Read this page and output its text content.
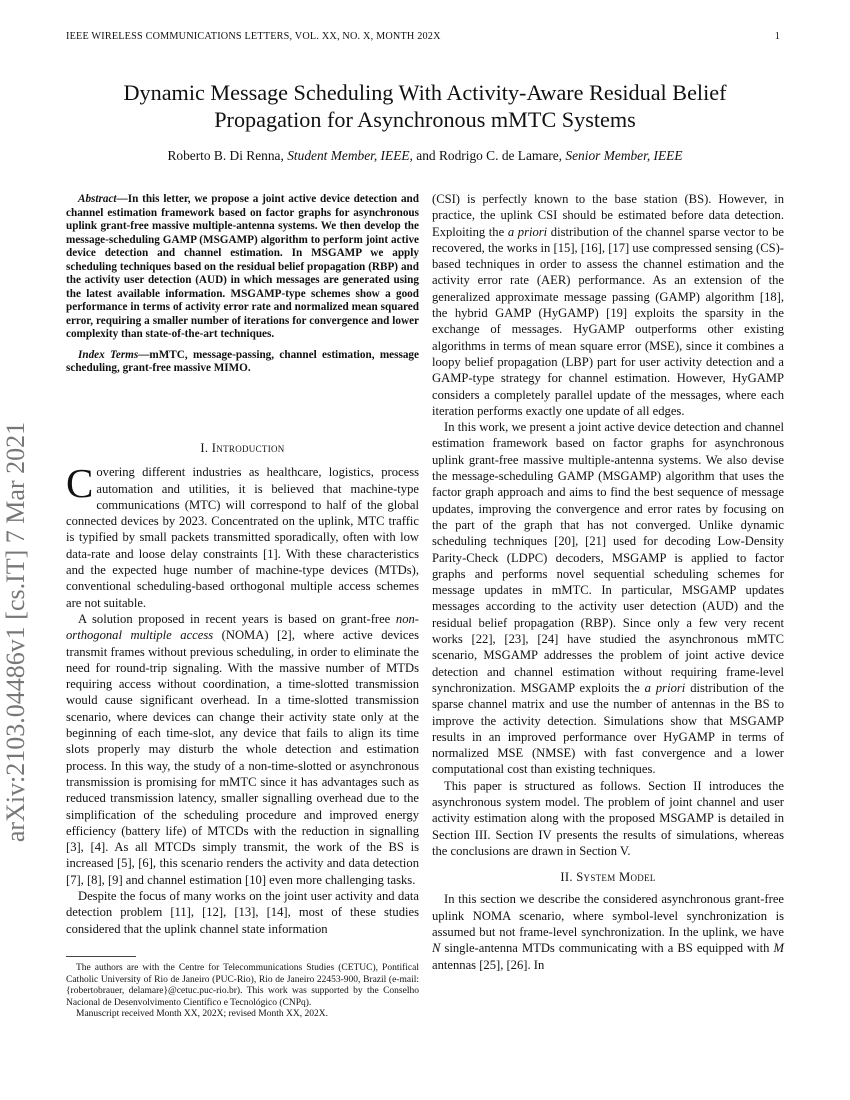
IEEE WIRELESS COMMUNICATIONS LETTERS, VOL. XX, NO. X, MONTH 202X	1
arXiv:2103.04486v1 [cs.IT] 7 Mar 2021
Dynamic Message Scheduling With Activity-Aware Residual Belief Propagation for Asynchronous mMTC Systems
Roberto B. Di Renna, Student Member, IEEE, and Rodrigo C. de Lamare, Senior Member, IEEE

Abstract—In this letter, we propose a joint active device detection and channel estimation framework based on factor graphs for asynchronous uplink grant-free massive multiple-antenna systems. We then develop the message-scheduling GAMP (MSGAMP) algorithm to perform joint active device detection and channel estimation. In MSGAMP we apply scheduling techniques based on the residual belief propagation (RBP) and the activity user detection (AUD) in which messages are generated using the latest available information. MSGAMP-type schemes show a good performance in terms of activity error rate and normalized mean squared error, requiring a smaller number of iterations for convergence and lower complexity than state-of-the-art techniques.

Index Terms—mMTC, message-passing, channel estimation, message scheduling, grant-free massive MIMO.

I. Introduction

Covering different industries as healthcare, logistics, process automation and utilities, it is believed that machine-type communications (MTC) will correspond to half of the global connected devices by 2023. Concentrated on the uplink, MTC traffic is typified by small packets transmitted sporadically, often with low data-rate and loose delay constraints [1]. With these characteristics and the expected huge number of machine-type devices (MTDs), conventional scheduling-based orthogonal multiple access schemes are not suitable.

A solution proposed in recent years is based on grant-free non-orthogonal multiple access (NOMA) [2], where active devices transmit frames without previous scheduling, in order to eliminate the need for round-trip signaling. With the massive number of MTDs requiring access without coordination, a time-slotted transmission would cause significant overhead. In a time-slotted transmission scenario, where devices can change their activity state only at the beginning of each time-slot, any device that fails to align its time slots properly may disturb the whole detection and estimation process. In this way, the study of a non-time-slotted or asynchronous transmission is promising for mMTC since it has advantages such as reduced transmission latency, smaller signalling overhead due to the simplification of the scheduling procedure and improved energy efficiency (battery life) of MTCDs with the reduction in signalling [3], [4]. As all MTCDs simply transmit, the work of the BS is increased [5], [6], this scenario renders the activity and data detection [7], [8], [9] and channel estimation [10] even more challenging tasks.

Despite the focus of many works on the joint user activity and data detection problem [11], [12], [13], [14], most of these studies considered that the uplink channel state information

The authors are with the Centre for Telecommunications Studies (CETUC), Pontifical Catholic University of Rio de Janeiro (PUC-Rio), Rio de Janeiro 22453-900, Brazil (e-mail: {robertobrauer, delamare}@cetuc.puc-rio.br). This work was supported by the Conselho Nacional de Desenvolvimento Científico e Tecnológico (CNPq).

Manuscript received Month XX, 202X; revised Month XX, 202X.

(CSI) is perfectly known to the base station (BS). However, in practice, the uplink CSI should be estimated before data detection. Exploiting the a priori distribution of the channel sparse vector to be recovered, the works in [15], [16], [17] use compressed sensing (CS)-based techniques in order to assess the channel estimation and the activity error rate (AER) performance. As an extension of the generalized approximate message passing (GAMP) algorithm [18], the hybrid GAMP (HyGAMP) [19] exploits the sparsity in the exchange of messages. HyGAMP outperforms other existing algorithms in terms of mean square error (MSE), since it combines a loopy belief propagation (LBP) part for user activity detection and a GAMP-type strategy for channel estimation. However, HyGAMP considers a completely parallel update of the messages, where each iteration performs exactly one update of all edges.

In this work, we present a joint active device detection and channel estimation framework based on factor graphs for asynchronous uplink grant-free massive multiple-antenna systems. We also devise the message-scheduling GAMP (MSGAMP) algorithm that uses the factor graph approach and aims to find the best sequence of message updates, improving the convergence and error rates by focusing on the part of the graph that has not converged. Unlike dynamic scheduling techniques [20], [21] used for decoding Low-Density Parity-Check (LDPC) decoders, MSGAMP is applied to factor graphs and performs novel sequential scheduling schemes for message updates in mMTC. In particular, MSGAMP updates messages according to the activity user detection (AUD) and the residual belief propagation (RBP). Since only a few very recent works [22], [23], [24] have studied the asynchronous mMTC scenario, MSGAMP addresses the problem of joint active device detection and channel estimation without requiring frame-level synchronization. MSGAMP exploits the a priori distribution of the sparse channel matrix and use the number of antennas in the BS to improve the activity detection. Simulations show that MSGAMP results in an improved performance over HyGAMP in terms of normalized MSE (NMSE) with fast convergence and a lower computational cost than existing techniques.

This paper is structured as follows. Section II introduces the asynchronous system model. The problem of joint channel and user activity estimation along with the proposed MSGAMP is detailed in Section III. Section IV presents the results of simulations, whereas the conclusions are drawn in Section V.

II. System Model

In this section we describe the considered asynchronous grant-free uplink NOMA scenario, where symbol-level synchronization is assumed but not frame-level synchronization. In the uplink, we have N single-antenna MTDs communicating with a BS equipped with M antennas [25], [26]. In
